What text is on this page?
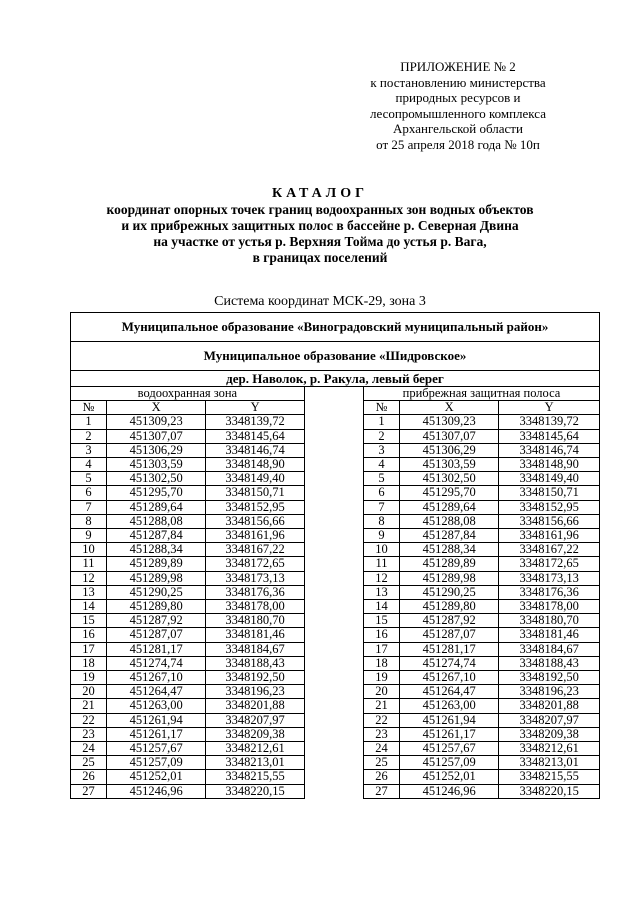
ПРИЛОЖЕНИЕ № 2
к постановлению министерства
природных ресурсов и
лесопромышленного комплекса
Архангельской области
от 25 апреля 2018 года № 10п
КАТАЛОГ
координат опорных точек границ водоохранных зон водных объектов
и их прибрежных защитных полос в бассейне р. Северная Двина
на участке от устья р. Верхняя Тойма до устья р. Вага,
в границах поселений
Система координат МСК-29, зона 3
Муниципальное образование «Виноградовский муниципальный район»						
Муниципальное образование «Шидровское»						
дер. Наволок, р. Ракула, левый берег						
водоохранная зона				прибрежная защитная полоса		
№	X	Y		№	X	Y
1	451309,23	3348139,72		1	451309,23	3348139,72
2	451307,07	3348145,64		2	451307,07	3348145,64
3	451306,29	3348146,74		3	451306,29	3348146,74
4	451303,59	3348148,90		4	451303,59	3348148,90
5	451302,50	3348149,40		5	451302,50	3348149,40
6	451295,70	3348150,71		6	451295,70	3348150,71
7	451289,64	3348152,95		7	451289,64	3348152,95
8	451288,08	3348156,66		8	451288,08	3348156,66
9	451287,84	3348161,96		9	451287,84	3348161,96
10	451288,34	3348167,22		10	451288,34	3348167,22
11	451289,89	3348172,65		11	451289,89	3348172,65
12	451289,98	3348173,13		12	451289,98	3348173,13
13	451290,25	3348176,36		13	451290,25	3348176,36
14	451289,80	3348178,00		14	451289,80	3348178,00
15	451287,92	3348180,70		15	451287,92	3348180,70
16	451287,07	3348181,46		16	451287,07	3348181,46
17	451281,17	3348184,67		17	451281,17	3348184,67
18	451274,74	3348188,43		18	451274,74	3348188,43
19	451267,10	3348192,50		19	451267,10	3348192,50
20	451264,47	3348196,23		20	451264,47	3348196,23
21	451263,00	3348201,88		21	451263,00	3348201,88
22	451261,94	3348207,97		22	451261,94	3348207,97
23	451261,17	3348209,38		23	451261,17	3348209,38
24	451257,67	3348212,61		24	451257,67	3348212,61
25	451257,09	3348213,01		25	451257,09	3348213,01
26	451252,01	3348215,55		26	451252,01	3348215,55
27	451246,96	3348220,15		27	451246,96	3348220,15
